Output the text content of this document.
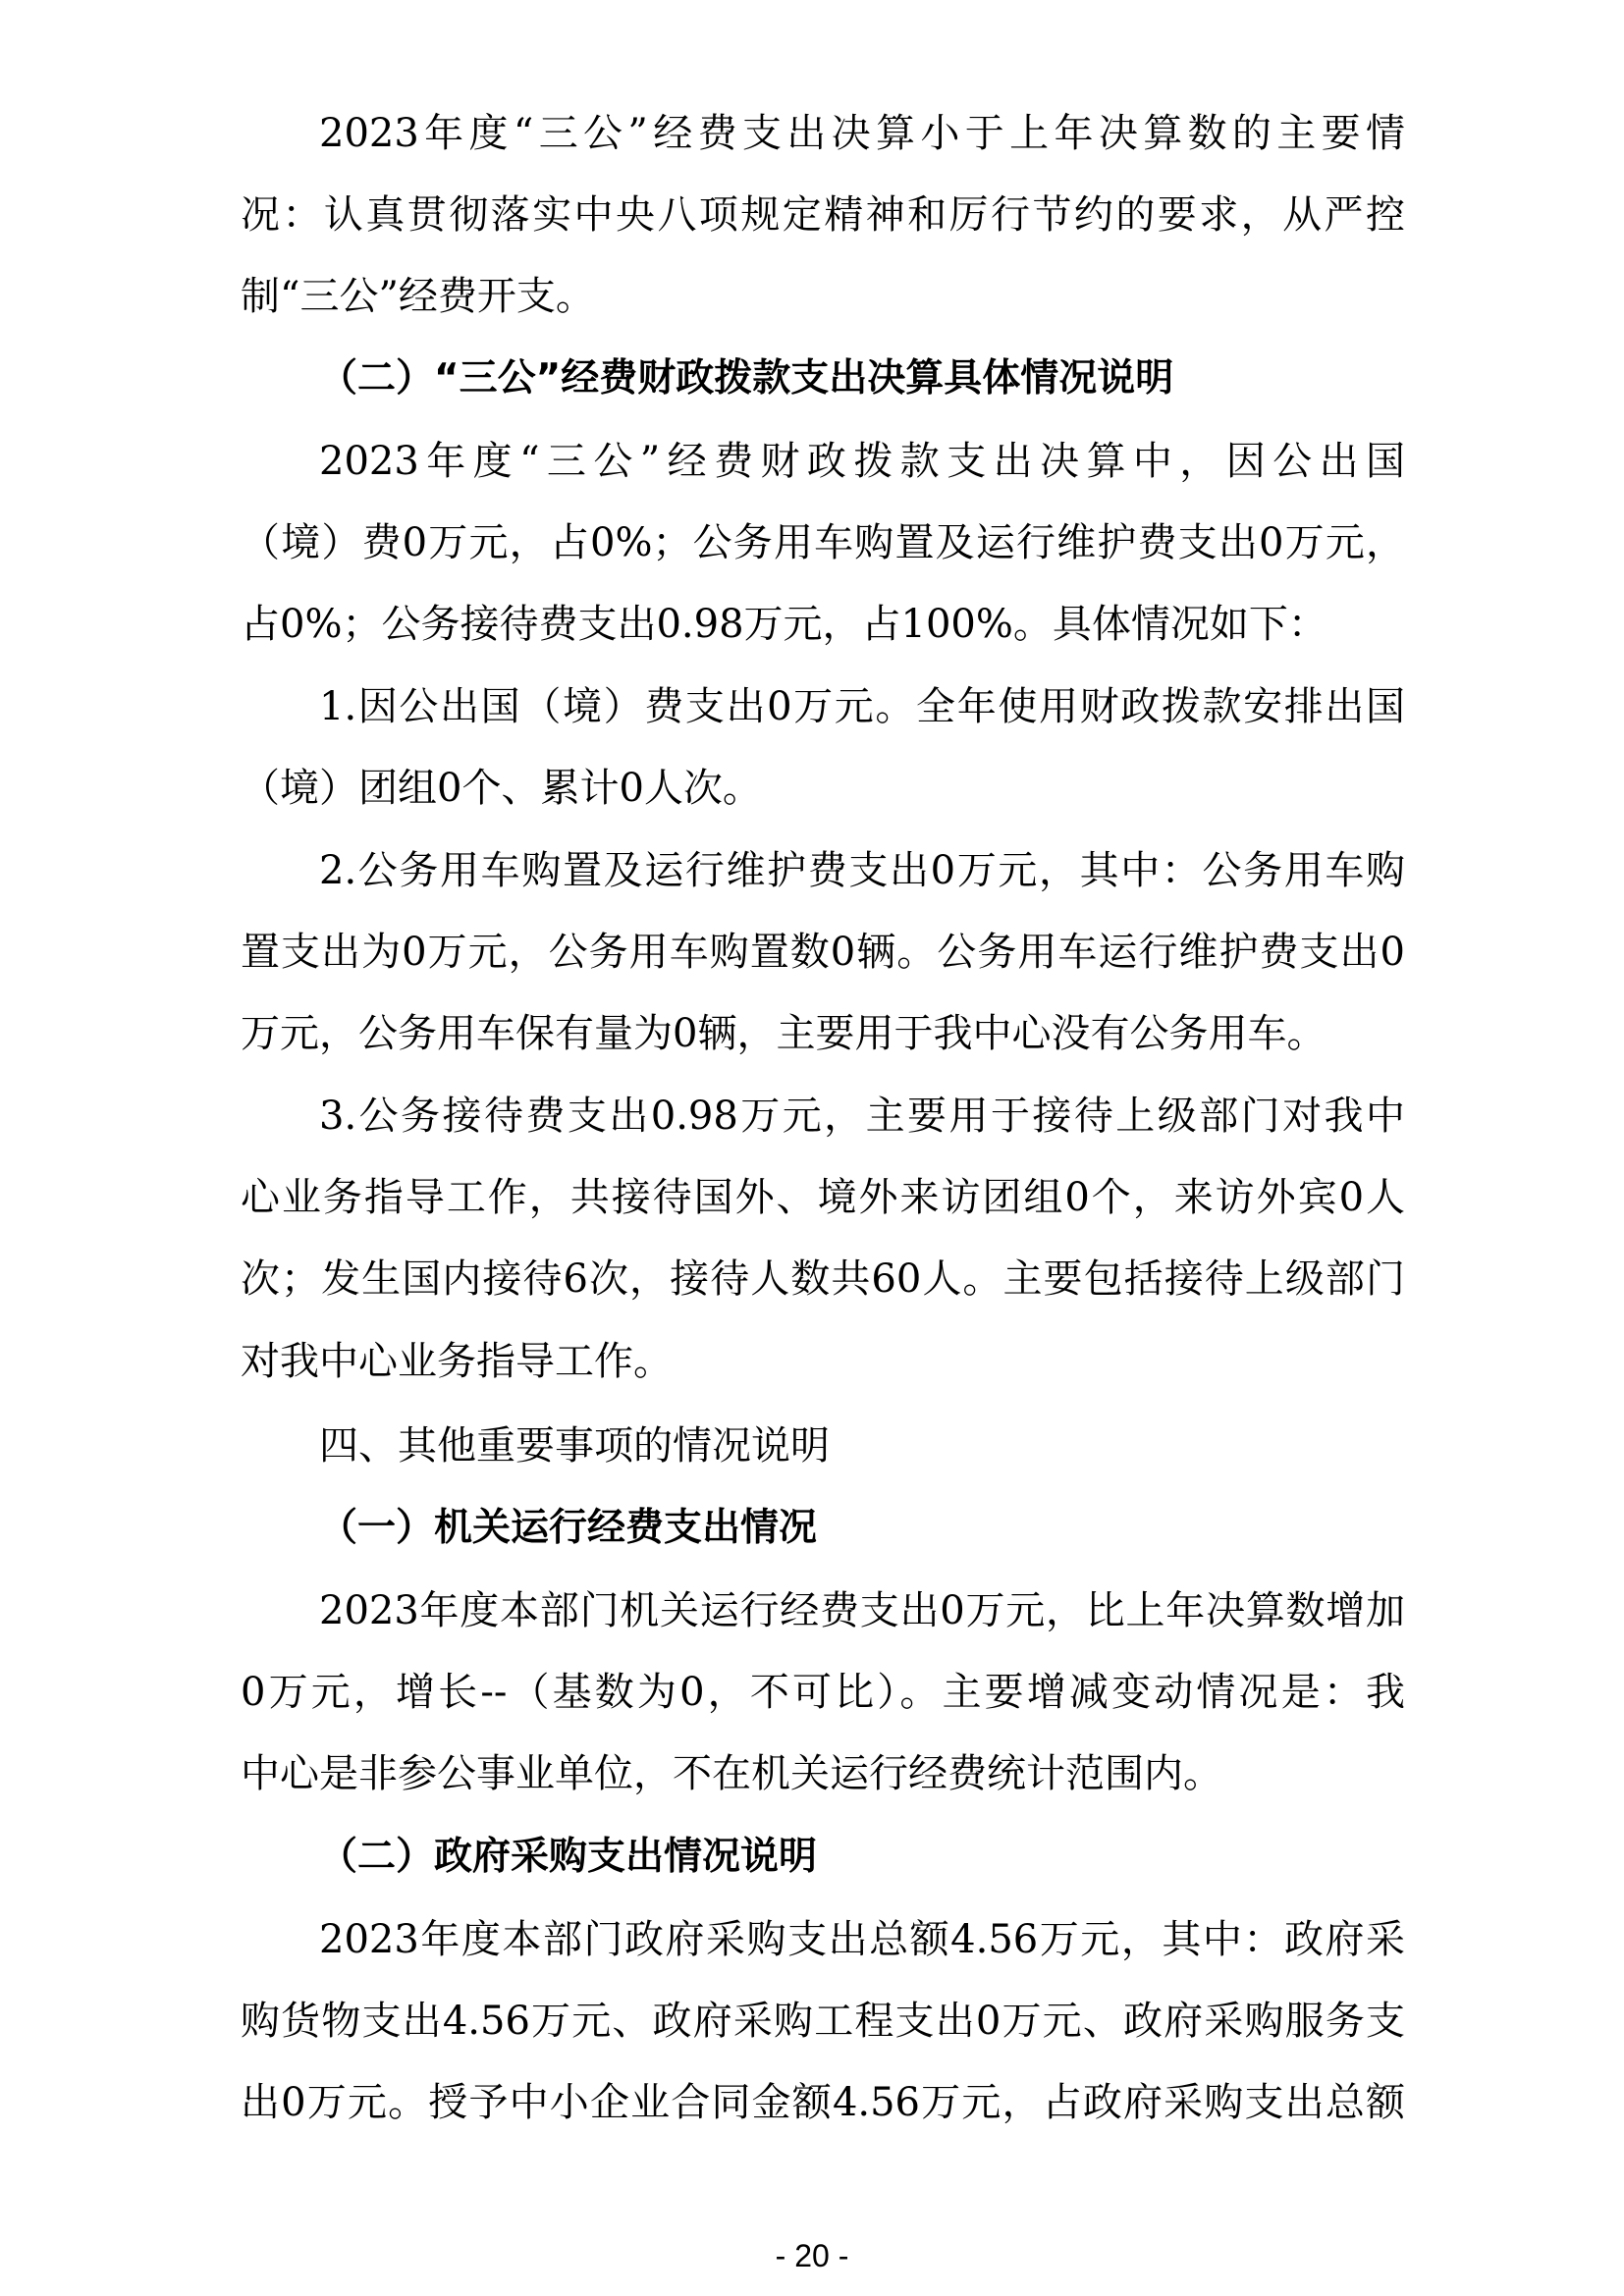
2023年度“三公”经费支出决算小于上年决算数的主要情
况：认真贯彻落实中央八项规定精神和厉行节约的要求，从严控
制“三公”经费开支。
（二）“三公”经费财政拨款支出决算具体情况说明
2023年度“三公”经费财政拨款支出决算中，因公出国
（境）费0万元，占0%；公务用车购置及运行维护费支出0万元，
占0%；公务接待费支出0.98万元，占100%。具体情况如下：
1.因公出国（境）费支出0万元。全年使用财政拨款安排出国
（境）团组0个、累计0人次。
2.公务用车购置及运行维护费支出0万元，其中：公务用车购
置支出为0万元，公务用车购置数0辆。公务用车运行维护费支出0
万元，公务用车保有量为0辆，主要用于我中心没有公务用车。
3.公务接待费支出0.98万元，主要用于接待上级部门对我中
心业务指导工作，共接待国外、境外来访团组0个，来访外宾0人
次；发生国内接待6次，接待人数共60人。主要包括接待上级部门
对我中心业务指导工作。
四、其他重要事项的情况说明
（一）机关运行经费支出情况
2023年度本部门机关运行经费支出0万元，比上年决算数增加
0万元，增长--（基数为0，不可比）。主要增减变动情况是：我
中心是非参公事业单位，不在机关运行经费统计范围内。
（二）政府采购支出情况说明
2023年度本部门政府采购支出总额4.56万元，其中：政府采
购货物支出4.56万元、政府采购工程支出0万元、政府采购服务支
出0万元。授予中小企业合同金额4.56万元，占政府采购支出总额
- 20 -
